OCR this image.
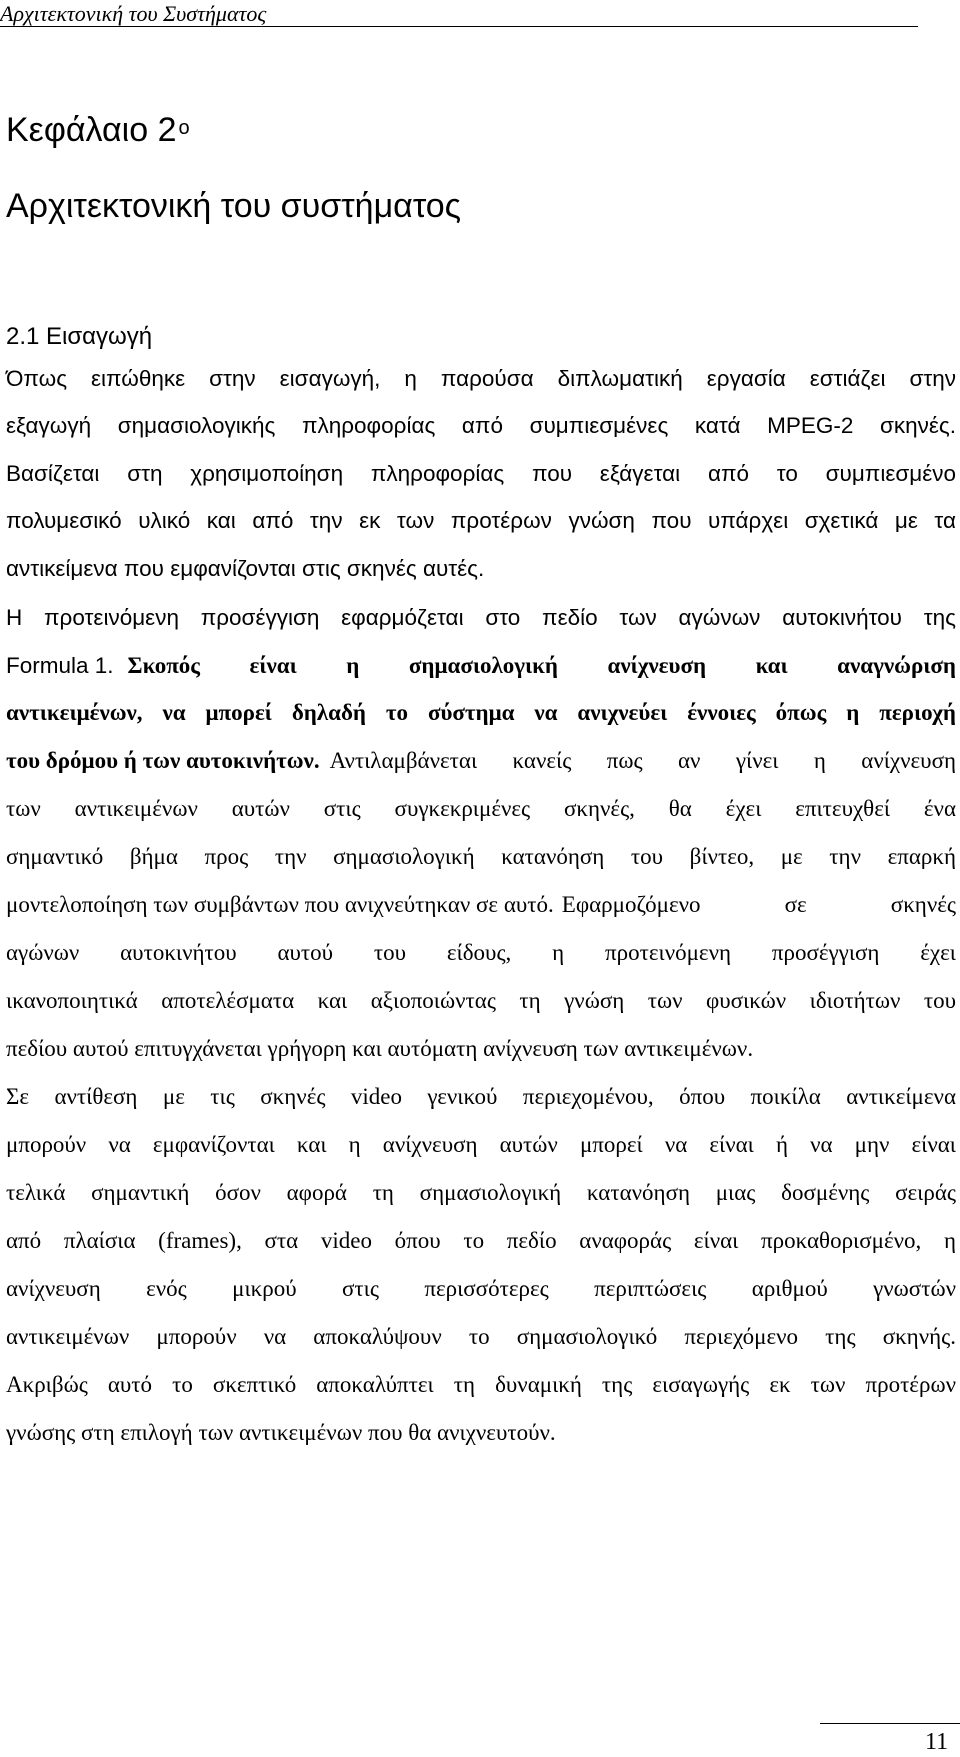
Αρχιτεκτονική του Συστήματος
Κεφάλαιο 2 $^o$
Αρχιτεκτονική του συστήματος
2.1 Εισαγωγή
Όπως ειπώθηκε στην εισαγωγή, η παρούσα διπλωματική εργασία εστιάζει στην
εξαγωγή σημασιολογικής πληροφορίας από συμπιεσμένες κατά MPEG-2 σκηνές.
Βασίζεται στη χρησιμοποίηση πληροφορίας που εξάγεται από το συμπιεσμένο
πολυμεσικό υλικό και από την εκ των προτέρων γνώση που υπάρχει σχετικά με τα
αντικείμενα που εμφανίζονται στις σκηνές αυτές.
Η προτεινόμενη προσέγγιση εφαρμόζεται στο πεδίο των αγώνων αυτοκινήτου της
Formula 1. Σκοπός είναι η σημασιολογική ανίχνευση και αναγνώριση
αντικειμένων, να μπορεί δηλαδή το σύστημα να ανιχνεύει έννοιες όπως η περιοχή
του δρόμου ή των αυτοκινήτων. Αντιλαμβάνεται κανείς πως αν γίνει η ανίχνευση
των αντικειμένων αυτών στις συγκεκριμένες σκηνές, θα έχει επιτευχθεί ένα
σημαντικό βήμα προς την σημασιολογική κατανόηση του βίντεο, με την επαρκή
μοντελοποίηση των συμβάντων που ανιχνεύτηκαν σε αυτό. Εφαρμοζόμενο σε σκηνές
αγώνων αυτοκινήτου αυτού του είδους, η προτεινόμενη προσέγγιση έχει
ικανοποιητικά αποτελέσματα και αξιοποιώντας τη γνώση των φυσικών ιδιοτήτων του
πεδίου αυτού επιτυγχάνεται γρήγορη και αυτόματη ανίχνευση των αντικειμένων.
Σε αντίθεση με τις σκηνές video γενικού περιεχομένου, όπου ποικίλα αντικείμενα
μπορούν να εμφανίζονται και η ανίχνευση αυτών μπορεί να είναι ή να μην είναι
τελικά σημαντική όσον αφορά τη σημασιολογική κατανόηση μιας δοσμένης σειράς
από πλαίσια (frames), στα video όπου το πεδίο αναφοράς είναι προκαθορισμένο, η
ανίχνευση ενός μικρού στις περισσότερες περιπτώσεις αριθμού γνωστών
αντικειμένων μπορούν να αποκαλύψουν το σημασιολογικό περιεχόμενο της σκηνής.
Ακριβώς αυτό το σκεπτικό αποκαλύπτει τη δυναμική της εισαγωγής εκ των προτέρων
γνώσης στη επιλογή των αντικειμένων που θα ανιχνευτούν.
11
